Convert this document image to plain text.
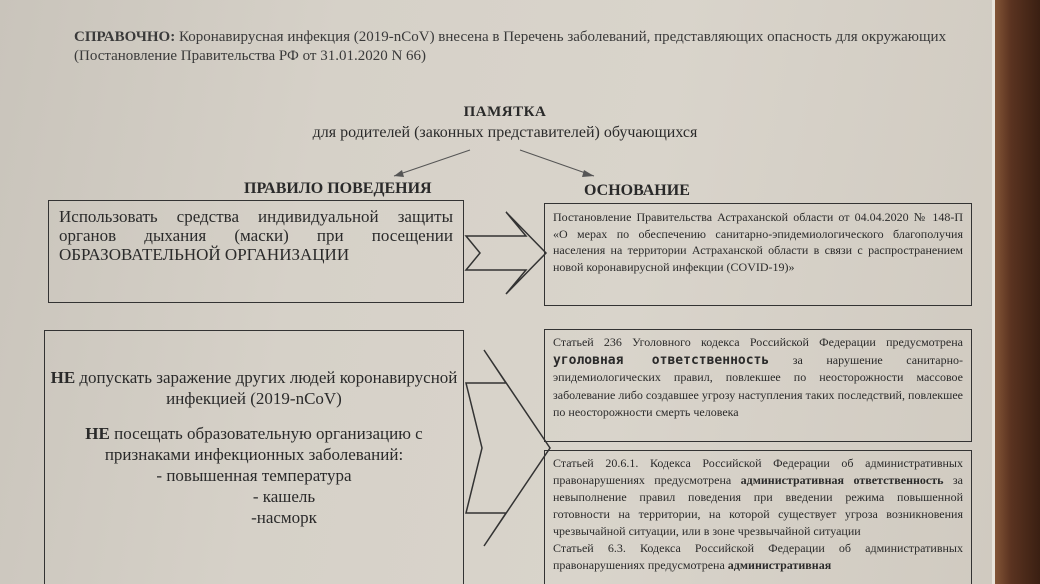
СПРАВОЧНО: Коронавирусная инфекция (2019-nCoV) внесена в Перечень заболеваний, представляющих опасность для окружающих (Постановление Правительства РФ от 31.01.2020 N 66)
ПАМЯТКА
для родителей (законных представителей) обучающихся
ПРАВИЛО ПОВЕДЕНИЯ	ОСНОВАНИЕ
Использовать средства индивидуальной защиты органов дыхания (маски) при посещении ОБРАЗОВАТЕЛЬНОЙ ОРГАНИЗАЦИИ
Постановление Правительства Астраханской области от 04.04.2020 № 148-П «О мерах по обеспечению санитарно-эпидемиологического благополучия населения на территории Астраханской области в связи с распространением новой коронавирусной инфекции (COVID-19)»

НЕ допускать заражение других людей коронавирусной инфекцией (2019-nCoV)

НЕ посещать образовательную организацию с признаками инфекционных заболеваний:

- повышенная температура

- кашель

-насморк

Статьей 236 Уголовного кодекса Российской Федерации предусмотрена уголовная ответственность за нарушение санитарно-эпидемиологических правил, повлекшее по неосторожности массовое заболевание либо создавшее угрозу наступления таких последствий, повлекшее по неосторожности смерть человека
Статьей 20.6.1. Кодекса Российской Федерации об административных правонарушениях предусмотрена административная ответственность за невыполнение правил поведения при введении режима повышенной готовности на территории, на которой существует угроза возникновения чрезвычайной ситуации, или в зоне чрезвычайной ситуации
Статьей 6.3. Кодекса Российской Федерации об административных правонарушениях предусмотрена административная
